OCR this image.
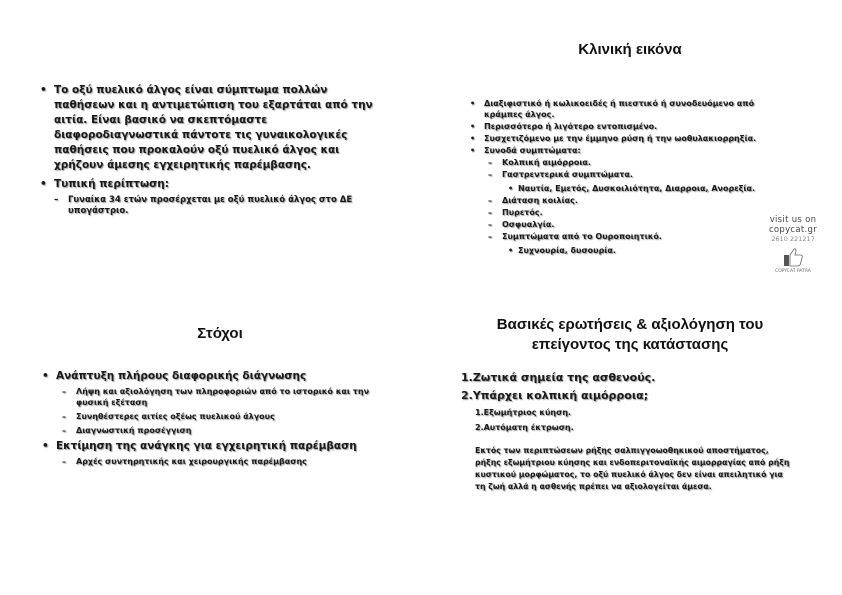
• Το οξύ πυελικό άλγος είναι σύμπτωμα πολλών παθήσεων και η αντιμετώπιση του εξαρτάται από την αιτία. Είναι βασικό να σκεπτόμαστε διαφοροδιαγνωστικά πάντοτε τις γυναικολογικές παθήσεις που προκαλούν οξύ πυελικό άλγος και χρήζουν άμεσης εγχειρητικής παρέμβασης.
• Τυπική περίπτωση:
– Γυναίκα 34 ετών προσέρχεται με οξύ πυελικό άλγος στο ΔΕ υπογάστριο.
Κλινική εικόνα
• Διαξιφιστικό ή κωλικοειδές ή πιεστικό ή συνοδευόμενο από κράμπες άλγος.
• Περισσότερο ή λιγότερο εντοπισμένο.
• Συσχετιζόμενο με την έμμηνο ρύση ή την ωοθυλακιορρηξία.
• Συνοδά συμπτώματα:
– Κολπική αιμόρροια.
– Γαστρεντερικά συμπτώματα.
• Ναυτία, Εμετός, Δυσκοιλιότητα, Διαρροια, Ανορεξία.
– Διάταση κοιλίας.
– Πυρετός.
– Οσφυαλγία.
– Συμπτώματα από το Ουροποιητικό.
• Συχνουρία, δυσουρία.
visit us on
copycat.gr
2610 221217
COPYCAT PATRA
Στόχοι
• Ανάπτυξη πλήρους διαφορικής διάγνωσης
– Λήψη και αξιολόγηση των πληροφοριών από το ιστορικό και την φυσική εξέταση
– Συνηθέστερες αιτίες οξέως πυελικού άλγους
– Διαγνωστική προσέγγιση
• Εκτίμηση της ανάγκης για εγχειρητική παρέμβαση
– Αρχές συντηρητικής και χειρουργικής παρέμβασης
Βασικές ερωτήσεις & αξιολόγηση του επείγοντος της κατάστασης
1.Ζωτικά σημεία της ασθενούς.
2.Υπάρχει κολπική αιμόρροια;
1.Εξωμήτριος κύηση.
2.Αυτόματη έκτρωση.
Εκτός των περιπτώσεων ρήξης σαλπιγγοωοθηκικού αποστήματος, ρήξης εξωμήτριου κύησης και ενδοπεριτοναϊκής αιμορραγίας από ρήξη κυστικού μορφώματος, το οξύ πυελικό άλγος δεν είναι απειλητικό για τη ζωή αλλά η ασθενής πρέπει να αξιολογείται άμεσα.
